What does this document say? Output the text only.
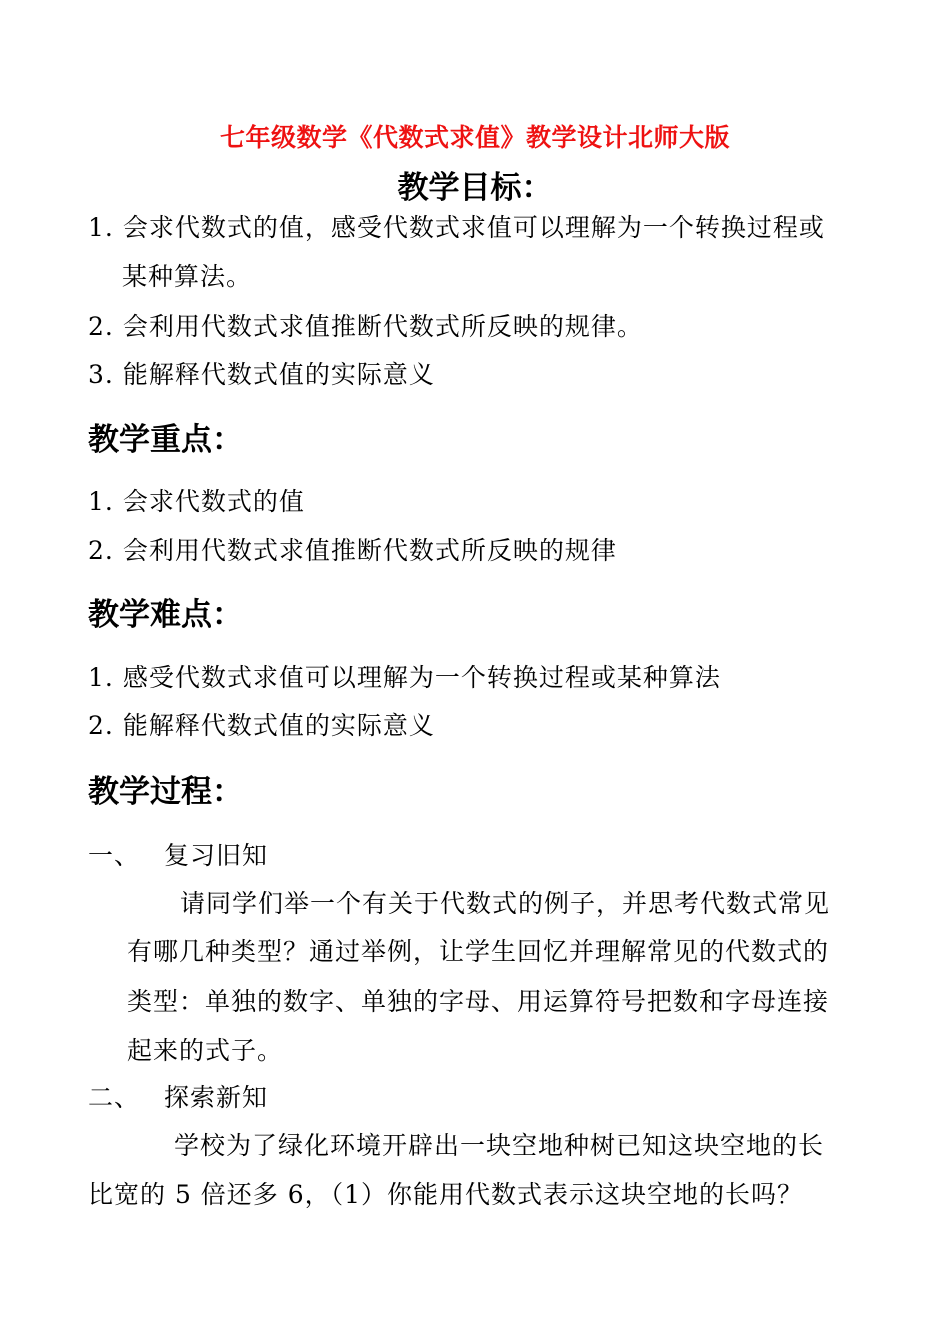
七年级数学《代数式求值》教学设计北师大版
教学目标：
1. 会求代数式的值，感受代数式求值可以理解为一个转换过程或
某种算法。
2. 会利用代数式求值推断代数式所反映的规律。
3. 能解释代数式值的实际意义
教学重点：
1. 会求代数式的值
2. 会利用代数式求值推断代数式所反映的规律
教学难点：
1. 感受代数式求值可以理解为一个转换过程或某种算法
2. 能解释代数式值的实际意义
教学过程：
一、 复习旧知
请同学们举一个有关于代数式的例子，并思考代数式常见
有哪几种类型？通过举例，让学生回忆并理解常见的代数式的
类型：单独的数字、单独的字母、用运算符号把数和字母连接
起来的式子。
二、 探索新知
学校为了绿化环境开辟出一块空地种树已知这块空地的长
比宽的 5 倍还多 6，（1）你能用代数式表示这块空地的长吗？
